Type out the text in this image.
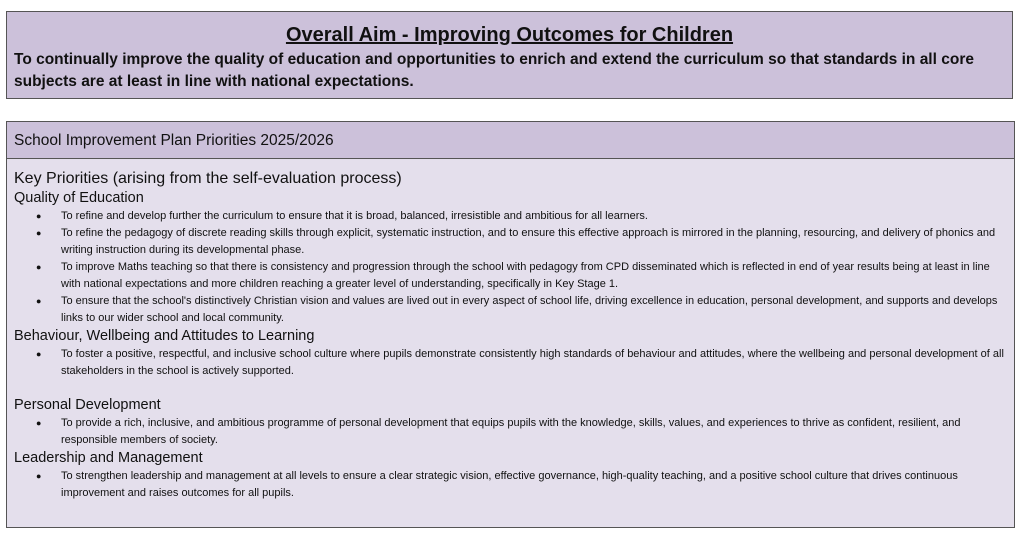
Overall Aim - Improving Outcomes for Children
To continually improve the quality of education and opportunities to enrich and extend the curriculum so that standards in all core subjects are at least in line with national expectations.
School Improvement Plan Priorities 2025/2026
Key Priorities (arising from the self-evaluation process)
Quality of Education
● To refine and develop further the curriculum to ensure that it is broad, balanced, irresistible and ambitious for all learners.
● To refine the pedagogy of discrete reading skills through explicit, systematic instruction, and to ensure this effective approach is mirrored in the planning, resourcing, and delivery of phonics and writing instruction during its developmental phase.
● To improve Maths teaching so that there is consistency and progression through the school with pedagogy from CPD disseminated which is reflected in end of year results being at least in line with national expectations and more children reaching a greater level of understanding, specifically in Key Stage 1.
● To ensure that the school's distinctively Christian vision and values are lived out in every aspect of school life, driving excellence in education, personal development, and supports and develops links to our wider school and local community.
Behaviour, Wellbeing and Attitudes to Learning
● To foster a positive, respectful, and inclusive school culture where pupils demonstrate consistently high standards of behaviour and attitudes, where the wellbeing and personal development of all stakeholders in the school is actively supported.
Personal Development
● To provide a rich, inclusive, and ambitious programme of personal development that equips pupils with the knowledge, skills, values, and experiences to thrive as confident, resilient, and responsible members of society.
Leadership and Management
● To strengthen leadership and management at all levels to ensure a clear strategic vision, effective governance, high-quality teaching, and a positive school culture that drives continuous improvement and raises outcomes for all pupils.
